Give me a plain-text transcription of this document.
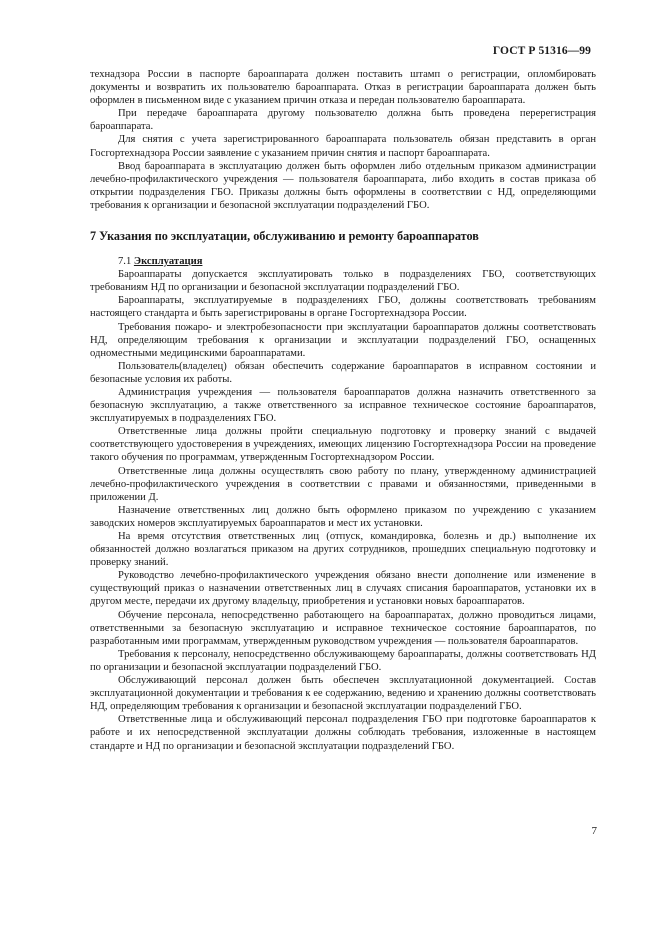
ГОСТ Р 51316—99

технадзора России в паспорте бароаппарата должен поставить штамп о регистрации, опломбировать документы и возвратить их пользователю бароаппарата. Отказ в регистрации бароаппарата должен быть оформлен в письменном виде с указанием причин отказа и передан пользователю бароаппарата.

При передаче бароаппарата другому пользователю должна быть проведена перерегистрация бароаппарата.

Для снятия с учета зарегистрированного бароаппарата пользователь обязан представить в орган Госгортехнадзора России заявление с указанием причин снятия и паспорт бароаппарата.

Ввод бароаппарата в эксплуатацию должен быть оформлен либо отдельным приказом администрации лечебно-профилактического учреждения — пользователя бароаппарата, либо входить в состав приказа об открытии подразделения ГБО. Приказы должны быть оформлены в соответствии с НД, определяющими требования к организации и безопасной эксплуатации подразделений ГБО.

7 Указания по эксплуатации, обслуживанию и ремонту бароаппаратов

7.1 Эксплуатация

Бароаппараты допускается эксплуатировать только в подразделениях ГБО, соответствующих требованиям НД по организации и безопасной эксплуатации подразделений ГБО.

Бароаппараты, эксплуатируемые в подразделениях ГБО, должны соответствовать требованиям настоящего стандарта и быть зарегистрированы в органе Госгортехнадзора России.

Требования пожаро- и электробезопасности при эксплуатации бароаппаратов должны соответствовать НД, определяющим требования к организации и эксплуатации подразделений ГБО, оснащенных одноместными медицинскими бароаппаратами.

Пользователь(владелец) обязан обеспечить содержание бароаппаратов в исправном состоянии и безопасные условия их работы.

Администрация учреждения — пользователя бароаппаратов должна назначить ответственного за безопасную эксплуатацию, а также ответственного за исправное техническое состояние бароаппаратов, эксплуатируемых в подразделениях ГБО.

Ответственные лица должны пройти специальную подготовку и проверку знаний с выдачей соответствующего удостоверения в учреждениях, имеющих лицензию Госгортехнадзора России на проведение такого обучения по программам, утвержденным Госгортехнадзором России.

Ответственные лица должны осуществлять свою работу по плану, утвержденному администрацией лечебно-профилактического учреждения в соответствии с правами и обязанностями, приведенными в приложении Д.

Назначение ответственных лиц должно быть оформлено приказом по учреждению с указанием заводских номеров эксплуатируемых бароаппаратов и мест их установки.

На время отсутствия ответственных лиц (отпуск, командировка, болезнь и др.) выполнение их обязанностей должно возлагаться приказом на других сотрудников, прошедших специальную подготовку и проверку знаний.

Руководство лечебно-профилактического учреждения обязано внести дополнение или изменение в существующий приказ о назначении ответственных лиц в случаях списания бароаппаратов, установки их в другом месте, передачи их другому владельцу, приобретения и установки новых бароаппаратов.

Обучение персонала, непосредственно работающего на бароаппаратах, должно проводиться лицами, ответственными за безопасную эксплуатацию и исправное техническое состояние бароаппаратов, по разработанным ими программам, утвержденным руководством учреждения — пользователя бароаппаратов.

Требования к персоналу, непосредственно обслуживающему бароаппараты, должны соответствовать НД по организации и безопасной эксплуатации подразделений ГБО.

Обслуживающий персонал должен быть обеспечен эксплуатационной документацией. Состав эксплуатационной документации и требования к ее содержанию, ведению и хранению должны соответствовать НД, определяющим требования к организации и безопасной эксплуатации подразделений ГБО.

Ответственные лица и обслуживающий персонал подразделения ГБО при подготовке бароаппаратов к работе и их непосредственной эксплуатации должны соблюдать требования, изложенные в настоящем стандарте и НД по организации и безопасной эксплуатации подразделений ГБО.

7
